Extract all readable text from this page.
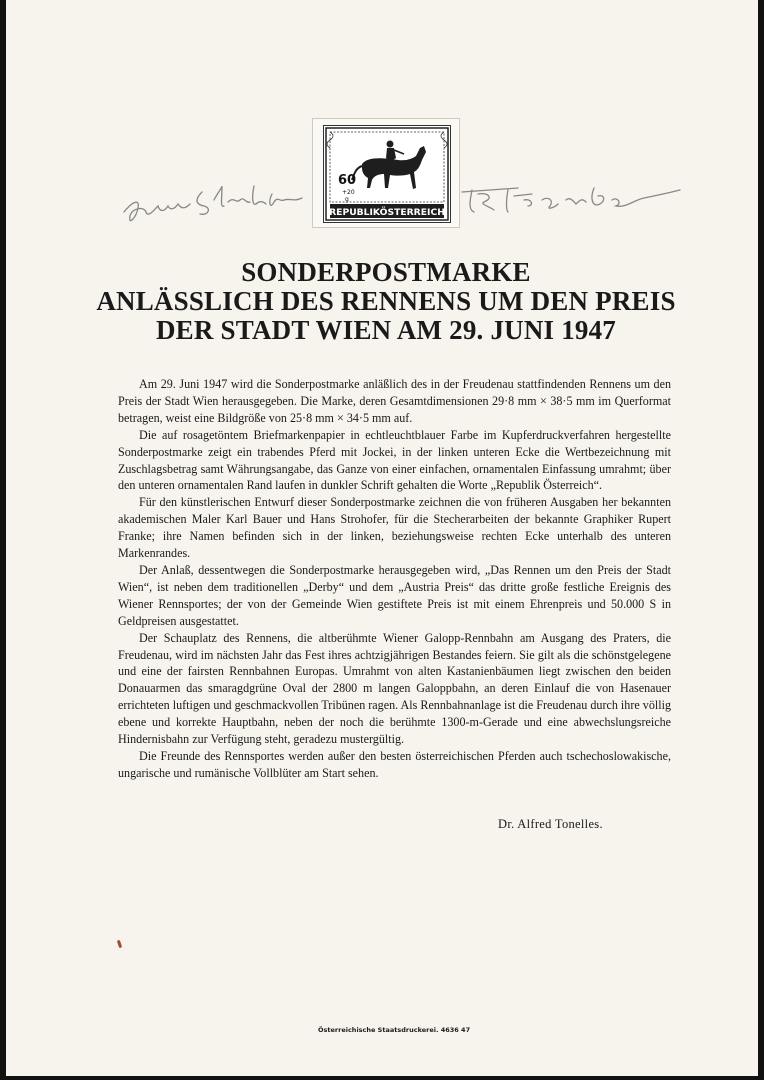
60
+20
g
REPUBLIKÖSTERREICH
SONDERPOSTMARKE
ANLÄSSLICH DES RENNENS UM DEN PREIS
DER STADT WIEN AM 29. JUNI 1947

Am 29. Juni 1947 wird die Sonderpostmarke anläßlich des in der Freudenau stattfindenden Rennens um den Preis der Stadt Wien herausgegeben. Die Marke, deren Gesamtdimensionen 29·8 mm × 38·5 mm im Querformat betragen, weist eine Bildgröße von 25·8 mm × 34·5 mm auf.

Die auf rosagetöntem Briefmarkenpapier in echtleuchtblauer Farbe im Kupferdruckverfahren hergestellte Sonderpostmarke zeigt ein trabendes Pferd mit Jockei, in der linken unteren Ecke die Wertbezeichnung mit Zuschlagsbetrag samt Währungsangabe, das Ganze von einer einfachen, ornamentalen Einfassung umrahmt; über den unteren ornamentalen Rand laufen in dunkler Schrift gehalten die Worte „Republik Österreich“.

Für den künstlerischen Entwurf dieser Sonderpostmarke zeichnen die von früheren Ausgaben her bekannten akademischen Maler Karl Bauer und Hans Strohofer, für die Stecherarbeiten der bekannte Graphiker Rupert Franke; ihre Namen befinden sich in der linken, beziehungsweise rechten Ecke unterhalb des unteren Markenrandes.

Der Anlaß, dessentwegen die Sonderpostmarke herausgegeben wird, „Das Rennen um den Preis der Stadt Wien“, ist neben dem traditionellen „Derby“ und dem „Austria Preis“ das dritte große festliche Ereignis des Wiener Rennsportes; der von der Gemeinde Wien gestiftete Preis ist mit einem Ehrenpreis und 50.000 S in Geldpreisen ausgestattet.

Der Schauplatz des Rennens, die altberühmte Wiener Galopp-Rennbahn am Ausgang des Praters, die Freudenau, wird im nächsten Jahr das Fest ihres achtzigjährigen Bestandes feiern. Sie gilt als die schönstgelegene und eine der fairsten Rennbahnen Europas. Umrahmt von alten Kastanienbäumen liegt zwischen den beiden Donauarmen das smaragdgrüne Oval der 2800 m langen Galoppbahn, an deren Einlauf die von Hasenauer errichteten luftigen und geschmackvollen Tribünen ragen. Als Rennbahnanlage ist die Freudenau durch ihre völlig ebene und korrekte Hauptbahn, neben der noch die berühmte 1300-m-Gerade und eine abwechslungsreiche Hindernisbahn zur Verfügung steht, geradezu mustergültig.

Die Freunde des Rennsportes werden außer den besten österreichischen Pferden auch tschechoslowakische, ungarische und rumänische Vollblüter am Start sehen.

Dr. Alfred Tonelles.
Österreichische Staatsdruckerei. 4636 47
